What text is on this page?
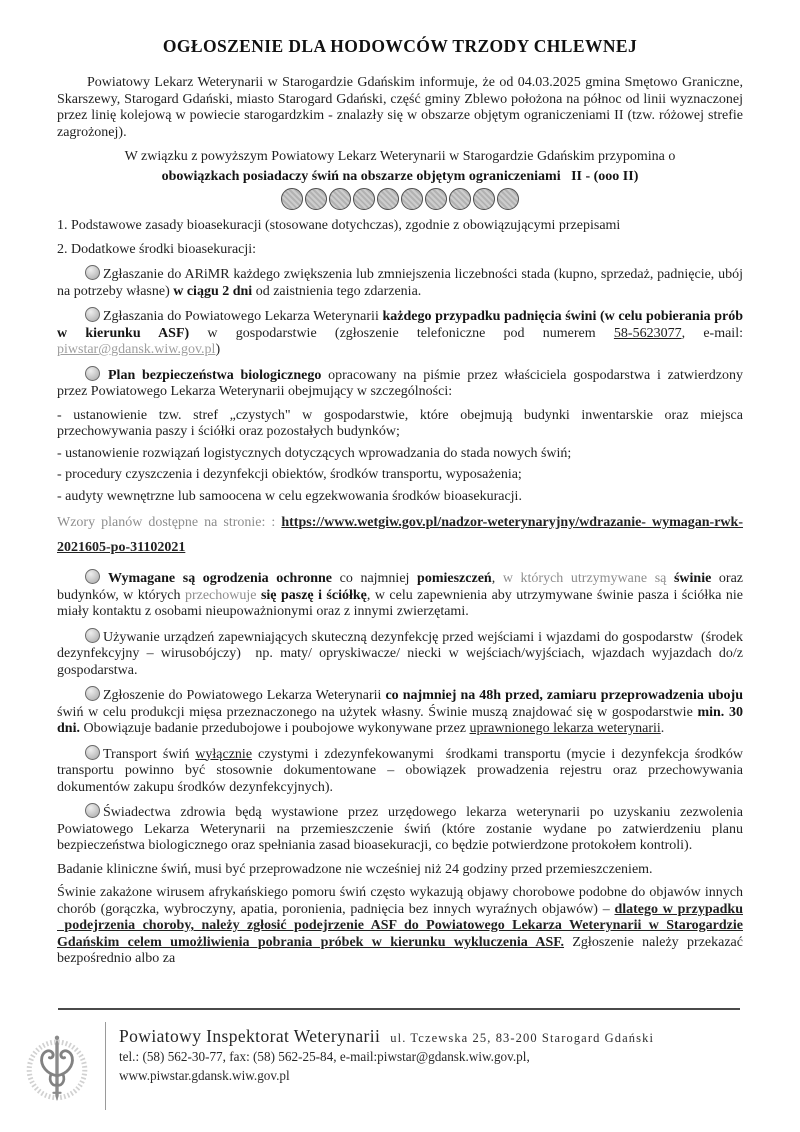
OGŁOSZENIE DLA HODOWCÓW TRZODY CHLEWNEJ

Powiatowy Lekarz Weterynarii w Starogardzie Gdańskim informuje, że od 04.03.2025 gmina Smętowo Graniczne, Skarszewy, Starogard Gdański, miasto Starogard Gdański, część gminy Zblewo położona na północ od linii wyznaczonej przez linię kolejową w powiecie starogardzkim - znalazły się w obszarze objętym ograniczeniami II (tzw. różowej strefie zagrożonej).

W związku z powyższym Powiatowy Lekarz Weterynarii w Starogardzie Gdańskim przypomina o

obowiązkach posiadaczy świń na obszarze objętym ograniczeniami   II - (ooo II)

1. Podstawowe zasady bioasekuracji (stosowane dotychczas), zgodnie z obowiązującymi przepisami

2. Dodatkowe środki bioasekuracji:

Zgłaszanie do ARiMR każdego zwiększenia lub zmniejszenia liczebności stada (kupno, sprzedaż, padnięcie, ubój na potrzeby własne) w ciągu 2 dni od zaistnienia tego zdarzenia.

Zgłaszania do Powiatowego Lekarza Weterynarii każdego przypadku padnięcia świni (w celu pobierania prób w kierunku ASF) w gospodarstwie (zgłoszenie telefoniczne pod numerem 58-5623077, e-mail: piwstar@gdansk.wiw.gov.pl)

Plan bezpieczeństwa biologicznego opracowany na piśmie przez właściciela gospodarstwa i zatwierdzony przez Powiatowego Lekarza Weterynarii obejmujący w szczególności:

- ustanowienie tzw. stref „czystych" w gospodarstwie, które obejmują budynki inwentarskie oraz miejsca przechowywania paszy i ściółki oraz pozostałych budynków;

- ustanowienie rozwiązań logistycznych dotyczących wprowadzania do stada nowych świń;

- procedury czyszczenia i dezynfekcji obiektów, środków transportu, wyposażenia;

- audyty wewnętrzne lub samoocena w celu egzekwowania środków bioasekuracji.

Wzory planów dostępne na stronie: : https://www.wetgiw.gov.pl/nadzor-weterynaryjny/wdrazanie- wymagan-rwk-2021605-po-31102021

Wymagane są ogrodzenia ochronne co najmniej pomieszczeń, w których utrzymywane są świnie oraz budynków, w których przechowuje się paszę i ściółkę, w celu zapewnienia aby utrzymywane świnie pasza i ściółka nie miały kontaktu z osobami nieupoważnionymi oraz z innymi zwierzętami.

Używanie urządzeń zapewniających skuteczną dezynfekcję przed wejściami i wjazdami do gospodarstw  (środek dezynfekcyjny – wirusobójczy)  np. maty/ opryskiwacze/ niecki w wejściach/wyjściach, wjazdach wyjazdach do/z gospodarstwa.

Zgłoszenie do Powiatowego Lekarza Weterynarii co najmniej na 48h przed, zamiaru przeprowadzenia uboju świń w celu produkcji mięsa przeznaczonego na użytek własny. Świnie muszą znajdować się w gospodarstwie min. 30 dni. Obowiązuje badanie przedubojowe i poubojowe wykonywane przez uprawnionego lekarza weterynarii.

Transport świń wyłącznie czystymi i zdezynfekowanymi  środkami transportu (mycie i dezynfekcja środków transportu powinno być stosownie dokumentowane – obowiązek prowadzenia rejestru oraz przechowywania dokumentów zakupu środków dezynfekcyjnych).

Świadectwa zdrowia będą wystawione przez urzędowego lekarza weterynarii po uzyskaniu zezwolenia Powiatowego Lekarza Weterynarii na przemieszczenie świń (które zostanie wydane po zatwierdzeniu planu bezpieczeństwa biologicznego oraz spełniania zasad bioasekuracji, co będzie potwierdzone protokołem kontroli).

Badanie kliniczne świń, musi być przeprowadzone nie wcześniej niż 24 godziny przed przemieszczeniem.

Świnie zakażone wirusem afrykańskiego pomoru świń często wykazują objawy chorobowe podobne do objawów innych chorób (gorączka, wybroczyny, apatia, poronienia, padnięcia bez innych wyraźnych objawów) – dlatego w przypadku  podejrzenia choroby, należy zgłosić podejrzenie ASF do Powiatowego Lekarza Weterynarii w Starogardzie Gdańskim celem umożliwienia pobrania próbek w kierunku wykluczenia ASF. Zgłoszenie należy przekazać bezpośrednio albo za

Powiatowy Inspektorat Weterynarii ul. Tczewska 25, 83-200 Starogard Gdański
tel.: (58) 562-30-77, fax: (58) 562-25-84, e-mail:piwstar@gdansk.wiw.gov.pl,
www.piwstar.gdansk.wiw.gov.pl
